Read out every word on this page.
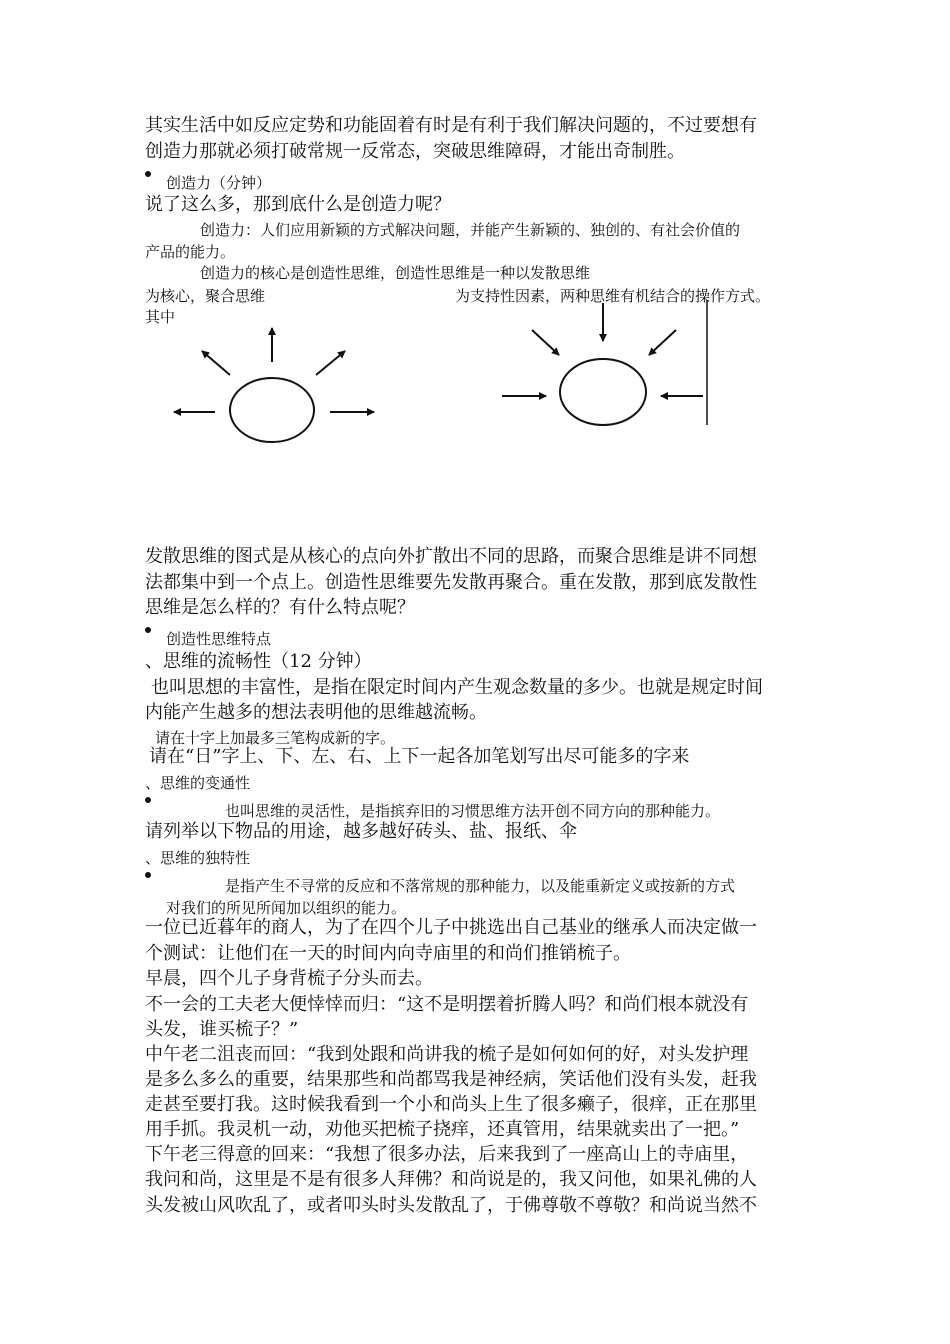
其实生活中如反应定势和功能固着有时是有利于我们解决问题的，不过要想有
创造力那就必须打破常规一反常态，突破思维障碍，才能出奇制胜。
创造力（分钟）
说了这么多，那到底什么是创造力呢？
创造力：人们应用新颖的方式解决问题，并能产生新颖的、独创的、有社会价值的
产品的能力。
创造力的核心是创造性思维，创造性思维是一种以发散思维
为核心，聚合思维	为支持性因素，两种思维有机结合的操作方式。
其中
发散思维的图式是从核心的点向外扩散出不同的思路，而聚合思维是讲不同想
法都集中到一个点上。创造性思维要先发散再聚合。重在发散，那到底发散性
思维是怎么样的？有什么特点呢？
创造性思维特点
、思维的流畅性（12 分钟）
也叫思想的丰富性，是指在限定时间内产生观念数量的多少。也就是规定时间
内能产生越多的想法表明他的思维越流畅。
请在十字上加最多三笔构成新的字。
请在“日”字上、下、左、右、上下一起各加笔划写出尽可能多的字来
、思维的变通性
也叫思维的灵活性，是指摈弃旧的习惯思维方法开创不同方向的那种能力。
请列举以下物品的用途，越多越好砖头、盐、报纸、伞
、思维的独特性
是指产生不寻常的反应和不落常规的那种能力，以及能重新定义或按新的方式
对我们的所见所闻加以组织的能力。
一位已近暮年的商人，为了在四个儿子中挑选出自己基业的继承人而决定做一
个测试：让他们在一天的时间内向寺庙里的和尚们推销梳子。
早晨，四个儿子身背梳子分头而去。
不一会的工夫老大便悻悻而归：“这不是明摆着折腾人吗？和尚们根本就没有
头发，谁买梳子？”
中午老二沮丧而回：“我到处跟和尚讲我的梳子是如何如何的好，对头发护理
是多么多么的重要，结果那些和尚都骂我是神经病，笑话他们没有头发，赶我
走甚至要打我。这时候我看到一个小和尚头上生了很多癞子，很痒，正在那里
用手抓。我灵机一动，劝他买把梳子挠痒，还真管用，结果就卖出了一把。”
下午老三得意的回来：“我想了很多办法，后来我到了一座高山上的寺庙里，
我问和尚，这里是不是有很多人拜佛？和尚说是的，我又问他，如果礼佛的人
头发被山风吹乱了，或者叩头时头发散乱了，于佛尊敬不尊敬？和尚说当然不
